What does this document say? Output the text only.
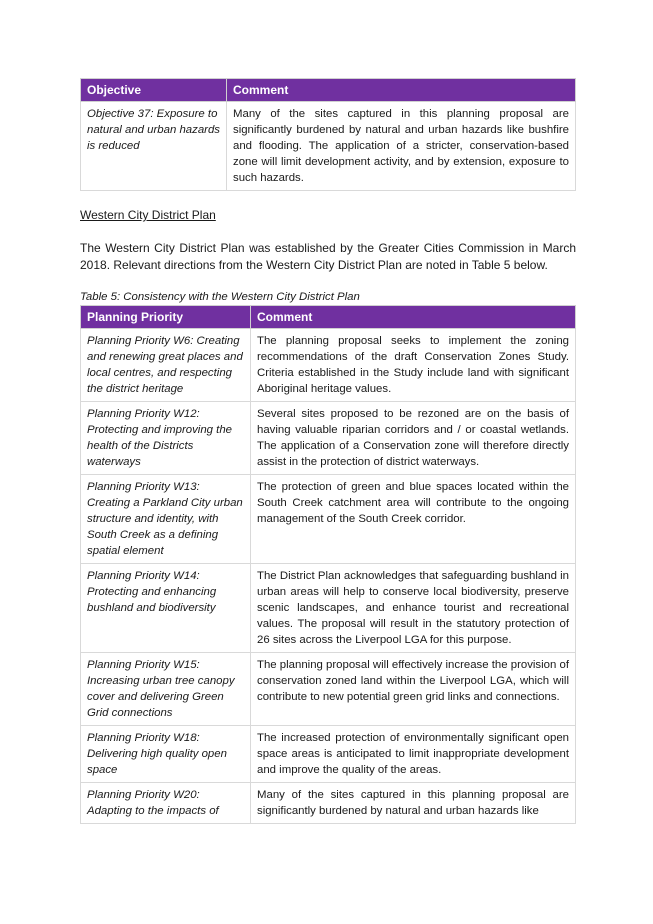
Objective	Comment
Objective 37: Exposure to natural and urban hazards is reduced	Many of the sites captured in this planning proposal are significantly burdened by natural and urban hazards like bushfire and flooding. The application of a stricter, conservation-based zone will limit development activity, and by extension, exposure to such hazards.
Western City District Plan
The Western City District Plan was established by the Greater Cities Commission in March 2018. Relevant directions from the Western City District Plan are noted in Table 5 below.
Table 5: Consistency with the Western City District Plan
Planning Priority	Comment
Planning Priority W6: Creating and renewing great places and local centres, and respecting the district heritage	The planning proposal seeks to implement the zoning recommendations of the draft Conservation Zones Study. Criteria established in the Study include land with significant Aboriginal heritage values.
Planning Priority W12: Protecting and improving the health of the Districts waterways	Several sites proposed to be rezoned are on the basis of having valuable riparian corridors and / or coastal wetlands. The application of a Conservation zone will therefore directly assist in the protection of district waterways.
Planning Priority W13: Creating a Parkland City urban structure and identity, with South Creek as a defining spatial element	The protection of green and blue spaces located within the South Creek catchment area will contribute to the ongoing management of the South Creek corridor.
Planning Priority W14: Protecting and enhancing bushland and biodiversity	The District Plan acknowledges that safeguarding bushland in urban areas will help to conserve local biodiversity, preserve scenic landscapes, and enhance tourist and recreational values. The proposal will result in the statutory protection of 26 sites across the Liverpool LGA for this purpose.
Planning Priority W15: Increasing urban tree canopy cover and delivering Green Grid connections	The planning proposal will effectively increase the provision of conservation zoned land within the Liverpool LGA, which will contribute to new potential green grid links and connections.
Planning Priority W18: Delivering high quality open space	The increased protection of environmentally significant open space areas is anticipated to limit inappropriate development and improve the quality of the areas.
Planning Priority W20: Adapting to the impacts of	Many of the sites captured in this planning proposal are significantly burdened by natural and urban hazards like
